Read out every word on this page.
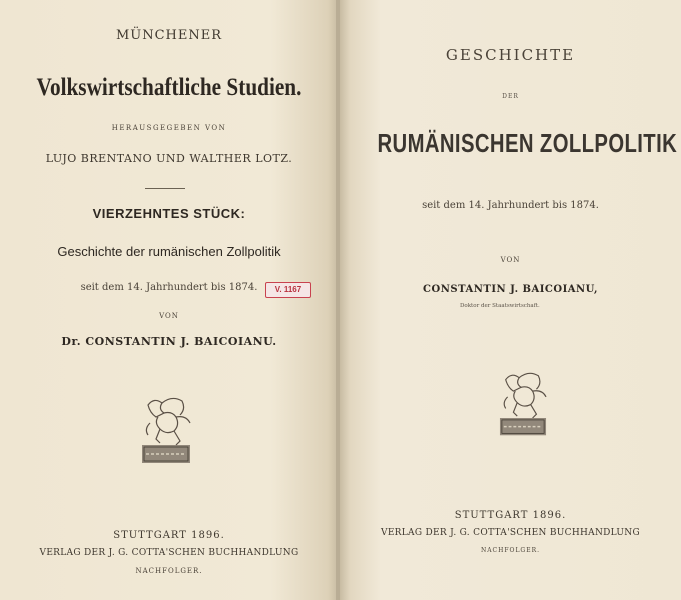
MÜNCHENER
Volkswirtschaftliche Studien.
HERAUSGEGEBEN VON
LUJO BRENTANO UND WALTHER LOTZ.
VIERZEHNTES STÜCK:
Geschichte der rumänischen Zollpolitik
seit dem 14. Jahrhundert bis 1874.
VON
Dr. CONSTANTIN J. BAICOIANU.
STUTTGART 1896.
VERLAG DER J. G. COTTA'SCHEN BUCHHANDLUNG
NACHFOLGER.
GESCHICHTE
DER
RUMÄNISCHEN ZOLLPOLITIK
seit dem 14. Jahrhundert bis 1874.
VON
CONSTANTIN J. BAICOIANU,
Doktor der Staatswirtschaft.
STUTTGART 1896.
VERLAG DER J. G. COTTA'SCHEN BUCHHANDLUNG
NACHFOLGER.
V. 1167
